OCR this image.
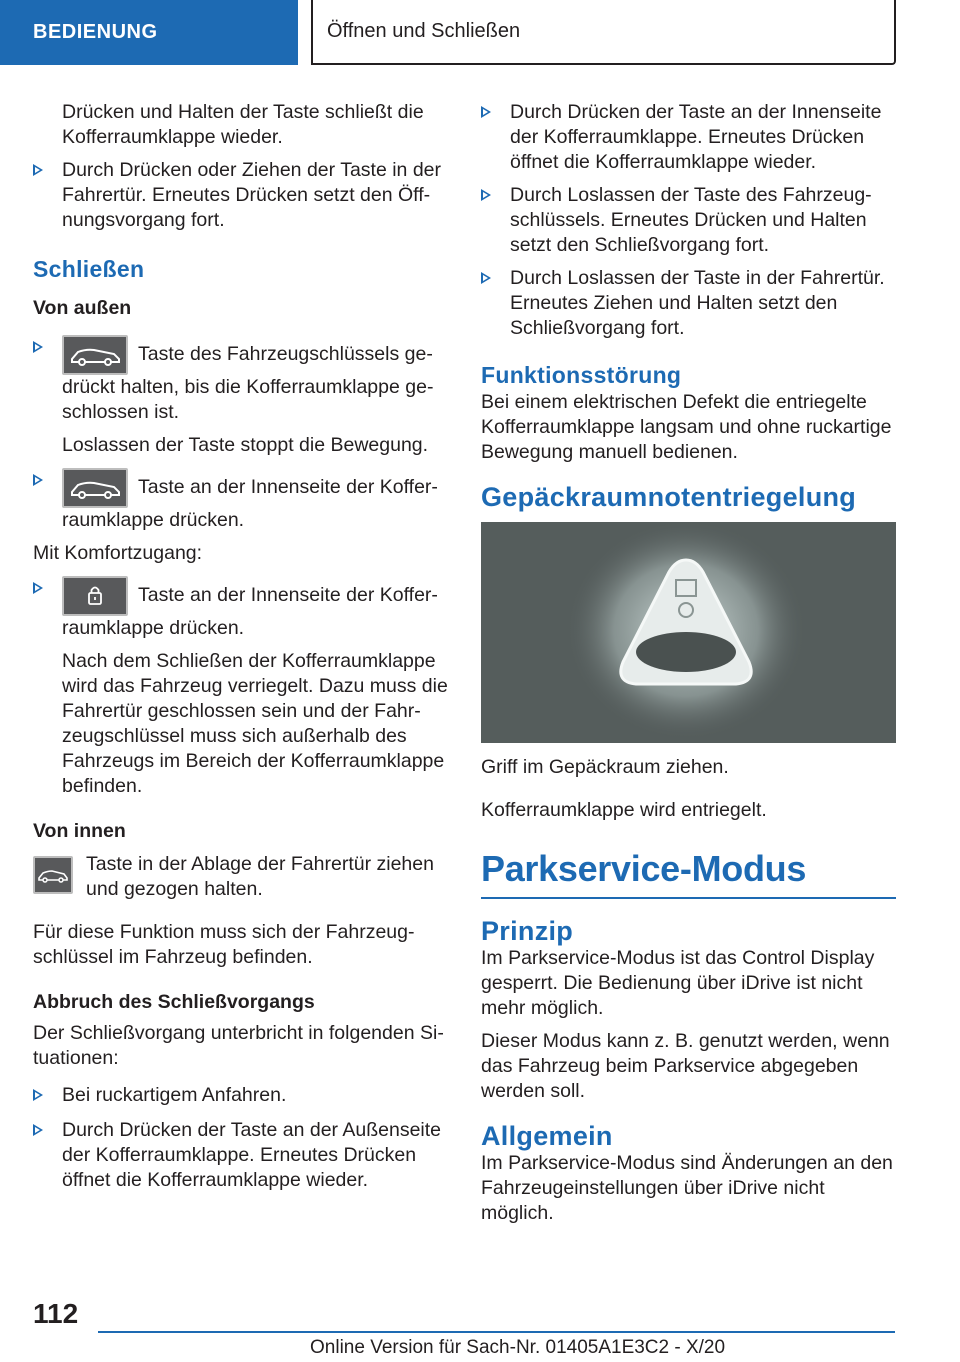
BEDIENUNG	Öffnen und Schließen

Drücken und Halten der Taste schließt die Kofferraumklappe wieder.

Durch Drücken oder Ziehen der Taste in der Fahrertür. Erneutes Drücken setzt den Öffnungsvorgang fort.

Schließen

Von außen

Taste des Fahrzeugschlüssels gedrückt halten, bis die Kofferraumklappe geschlossen ist.

Loslassen der Taste stoppt die Bewegung.

Taste an der Innenseite der Kofferraumklappe drücken.

Mit Komfortzugang:

Taste an der Innenseite der Kofferraumklappe drücken.

Nach dem Schließen der Kofferraumklappe wird das Fahrzeug verriegelt. Dazu muss die Fahrertür geschlossen sein und der Fahrzeugschlüssel muss sich außerhalb des Fahrzeugs im Bereich der Kofferraumklappe befinden.

Von innen

Taste in der Ablage der Fahrertür ziehen und gezogen halten.

Für diese Funktion muss sich der Fahrzeugschlüssel im Fahrzeug befinden.

Abbruch des Schließvorgangs

Der Schließvorgang unterbricht in folgenden Situationen:

Bei ruckartigem Anfahren.

Durch Drücken der Taste an der Außenseite der Kofferraumklappe. Erneutes Drücken öffnet die Kofferraumklappe wieder.

Durch Drücken der Taste an der Innenseite der Kofferraumklappe. Erneutes Drücken öffnet die Kofferraumklappe wieder.

Durch Loslassen der Taste des Fahrzeugschlüssels. Erneutes Drücken und Halten setzt den Schließvorgang fort.

Durch Loslassen der Taste in der Fahrertür. Erneutes Ziehen und Halten setzt den Schließvorgang fort.

Funktionsstörung

Bei einem elektrischen Defekt die entriegelte Kofferraumklappe langsam und ohne ruckartige Bewegung manuell bedienen.

Gepäckraumnotentriegelung

Griff im Gepäckraum ziehen.

Kofferraumklappe wird entriegelt.

Parkservice-Modus

Prinzip

Im Parkservice-Modus ist das Control Display gesperrt. Die Bedienung über iDrive ist nicht mehr möglich.

Dieser Modus kann z. B. genutzt werden, wenn das Fahrzeug beim Parkservice abgegeben werden soll.

Allgemein

Im Parkservice-Modus sind Änderungen an den Fahrzeugeinstellungen über iDrive nicht möglich.

112
Online Version für Sach-Nr. 01405A1E3C2 - X/20
